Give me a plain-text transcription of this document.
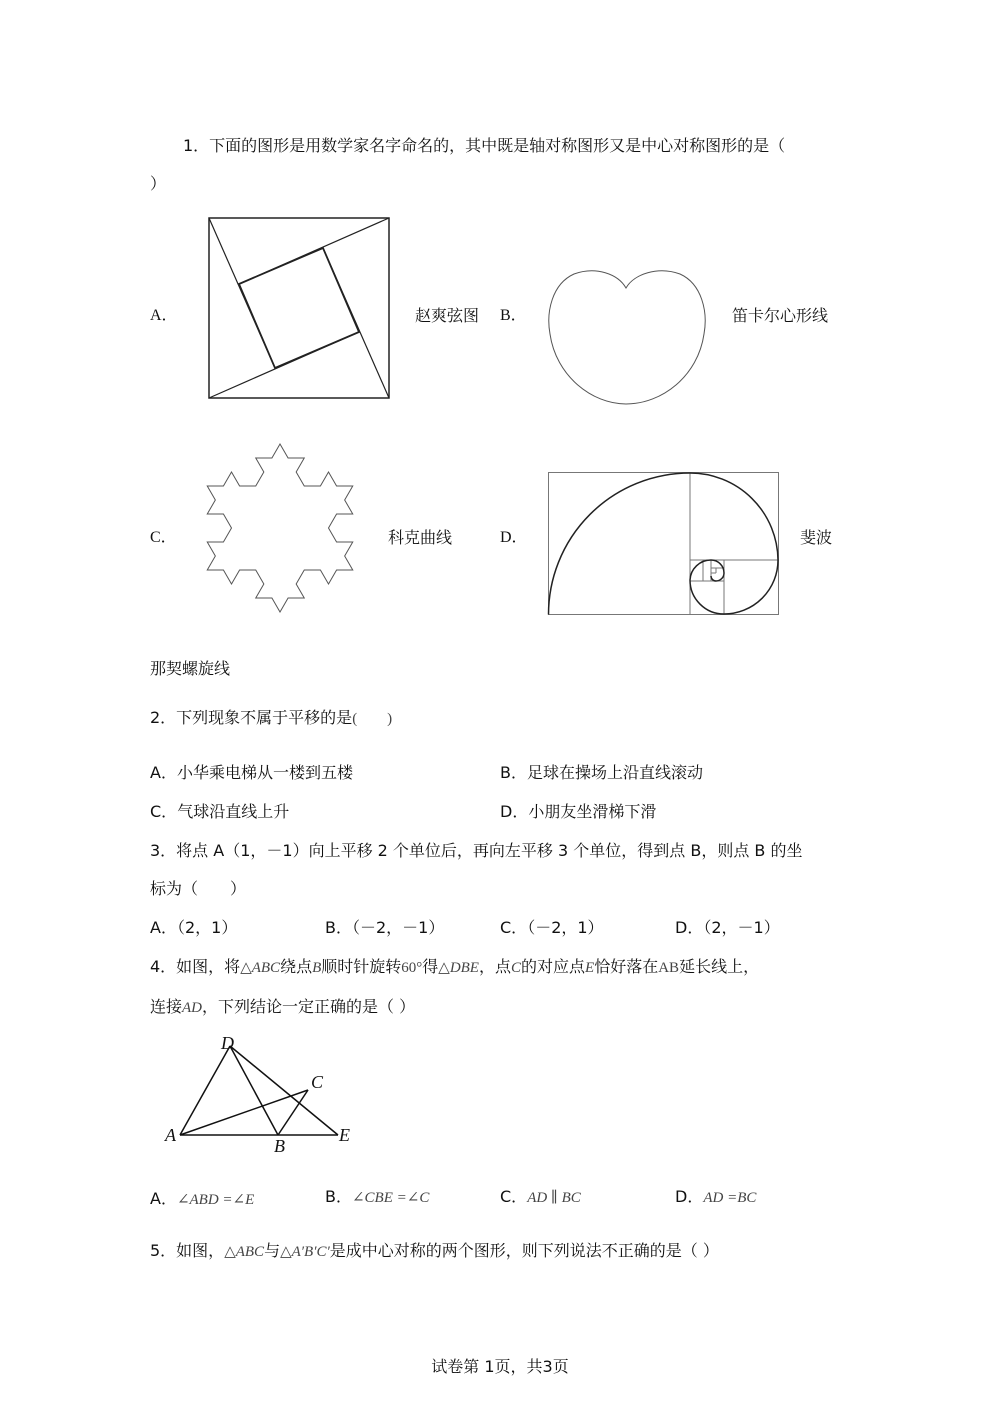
1．下面的图形是用数学家名字命名的，其中既是轴对称图形又是中心对称图形的是（
）
A．	赵爽弦图 B．	笛卡尔心形线
C．	科克曲线	D．	斐波
那契螺旋线
2．下列现象不属于平移的是(　　)
A．小华乘电梯从一楼到五楼	B．足球在操场上沿直线滚动
C．气球沿直线上升	D．小朋友坐滑梯下滑
3．将点 A（1，－1）向上平移 2 个单位后，再向左平移 3 个单位，得到点 B，则点 B 的坐
标为（　　）
A．（2，1）	B．（－2，－1）	C．（－2，1）	D．（2，－1）
4．如图，将△ABC绕点B顺时针旋转60°得△DBE，点C的对应点E恰好落在AB延长线上，
连接AD，下列结论一定正确的是（ ）
D
C
A
B
E
A．∠ABD =∠E	B．∠CBE =∠C	C．AD ∥ BC	D．AD =BC
5．如图，△ABC与△A′B′C′是成中心对称的两个图形，则下列说法不正确的是（ ）
试卷第 1页，共3页
